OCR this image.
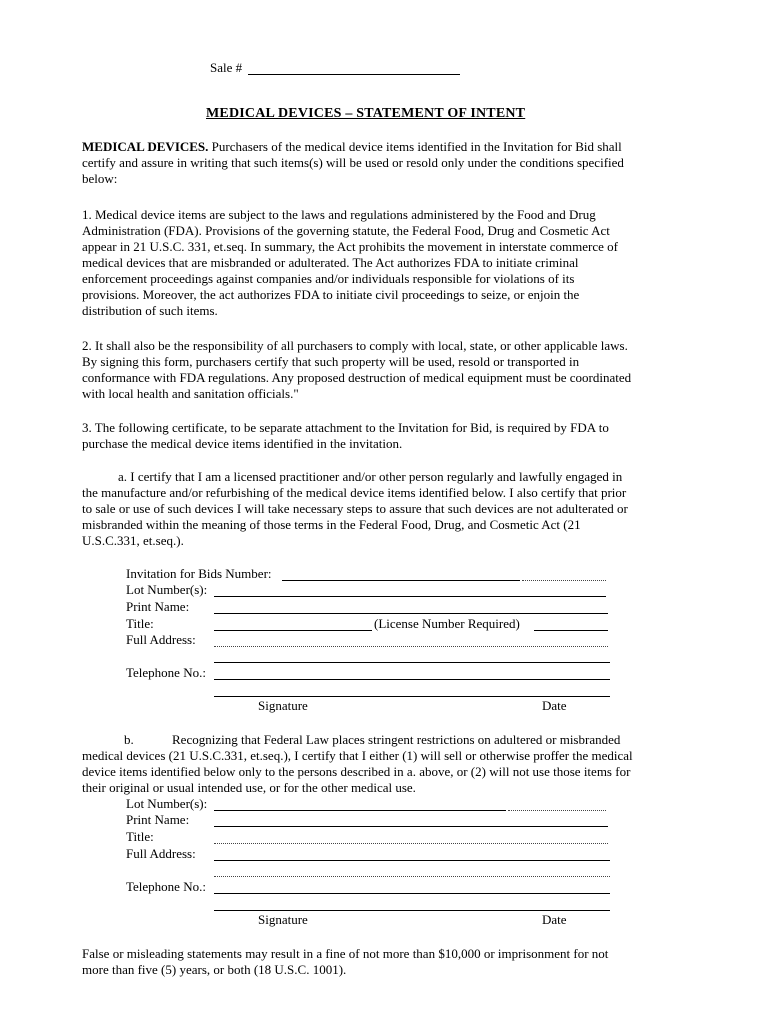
Sale #
MEDICAL DEVICES – STATEMENT OF INTENT
MEDICAL DEVICES. Purchasers of the medical device items identified in the Invitation for Bid shall
certify and assure in writing that such items(s) will be used or resold only under the conditions specified
below:
1. Medical device items are subject to the laws and regulations administered by the Food and Drug
Administration (FDA). Provisions of the governing statute, the Federal Food, Drug and Cosmetic Act
appear in 21 U.S.C. 331, et.seq. In summary, the Act prohibits the movement in interstate commerce of
medical devices that are misbranded or adulterated. The Act authorizes FDA to initiate criminal
enforcement proceedings against companies and/or individuals responsible for violations of its
provisions. Moreover, the act authorizes FDA to initiate civil proceedings to seize, or enjoin the
distribution of such items.
2. It shall also be the responsibility of all purchasers to comply with local, state, or other applicable laws.
By signing this form, purchasers certify that such property will be used, resold or transported in
conformance with FDA regulations. Any proposed destruction of medical equipment must be coordinated
with local health and sanitation officials."
3. The following certificate, to be separate attachment to the Invitation for Bid, is required by FDA to
purchase the medical device items identified in the invitation.
a. I certify that I am a licensed practitioner and/or other person regularly and lawfully engaged in
the manufacture and/or refurbishing of the medical device items identified below. I also certify that prior
to sale or use of such devices I will take necessary steps to assure that such devices are not adulterated or
misbranded within the meaning of those terms in the Federal Food, Drug, and Cosmetic Act (21
U.S.C.331, et.seq.).
Invitation for Bids Number:
Lot Number(s):
Print Name:
Title:	(License Number Required)
Full Address:
Telephone No.:
Signature	Date
b.	Recognizing that Federal Law places stringent restrictions on adultered or misbranded
medical devices (21 U.S.C.331, et.seq.), I certify that I either (1) will sell or otherwise proffer the medical
device items identified below only to the persons described in a. above, or (2) will not use those items for
their original or usual intended use, or for the other medical use.
Lot Number(s):
Print Name:
Title:
Full Address:
Telephone No.:
Signature	Date
False or misleading statements may result in a fine of not more than $10,000 or imprisonment for not
more than five (5) years, or both (18 U.S.C. 1001).
